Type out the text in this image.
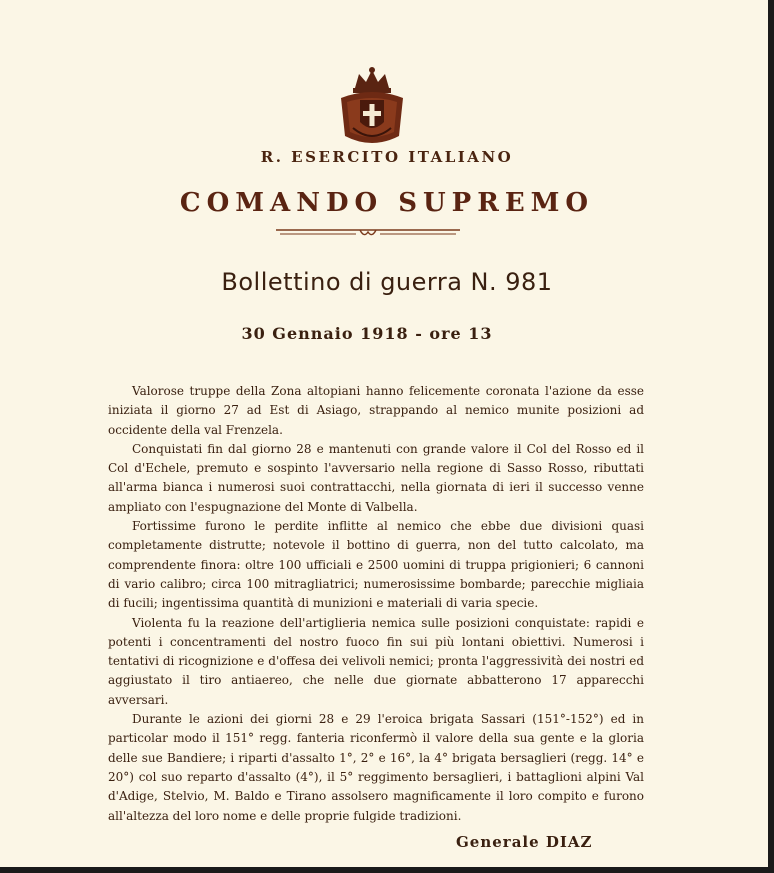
R. ESERCITO ITALIANO
COMANDO SUPREMO
Bollettino di guerra N. 981
30 Gennaio 1918 - ore 13

Valorose truppe della Zona altopiani hanno felicemente coronata l'azione da esse iniziata il giorno 27 ad Est di Asiago, strappando al nemico munite posizioni ad occidente della val Frenzela.

Conquistati fin dal giorno 28 e mantenuti con grande valore il Col del Rosso ed il Col d'Echele, premuto e sospinto l'avversario nella regione di Sasso Rosso, ributtati all'arma bianca i numerosi suoi contrattacchi, nella giornata di ieri il successo venne ampliato con l'espugnazione del Monte di Valbella.

Fortissime furono le perdite inflitte al nemico che ebbe due divisioni quasi completamente distrutte; notevole il bottino di guerra, non del tutto calcolato, ma comprendente finora: oltre 100 ufficiali e 2500 uomini di truppa prigionieri; 6 cannoni di vario calibro; circa 100 mitragliatrici; numerosissime bombarde; parecchie migliaia di fucili; ingentissima quantità di munizioni e materiali di varia specie.

Violenta fu la reazione dell'artiglieria nemica sulle posizioni conquistate: rapidi e potenti i concentramenti del nostro fuoco fin sui più lontani obiettivi. Numerosi i tentativi di ricognizione e d'offesa dei velivoli nemici; pronta l'aggressività dei nostri ed aggiustato il tiro antiaereo, che nelle due giornate abbatterono 17 apparecchi avversari.

Durante le azioni dei giorni 28 e 29 l'eroica brigata Sassari (151°-152°) ed in particolar modo il 151° regg. fanteria riconfermò il valore della sua gente e la gloria delle sue Bandiere; i riparti d'assalto 1°, 2° e 16°, la 4° brigata bersaglieri (regg. 14° e 20°) col suo reparto d'assalto (4°), il 5° reggimento bersaglieri, i battaglioni alpini Val d'Adige, Stelvio, M. Baldo e Tirano assolsero magnificamente il loro compito e furono all'altezza del loro nome e delle proprie fulgide tradizioni.

Generale DIAZ
